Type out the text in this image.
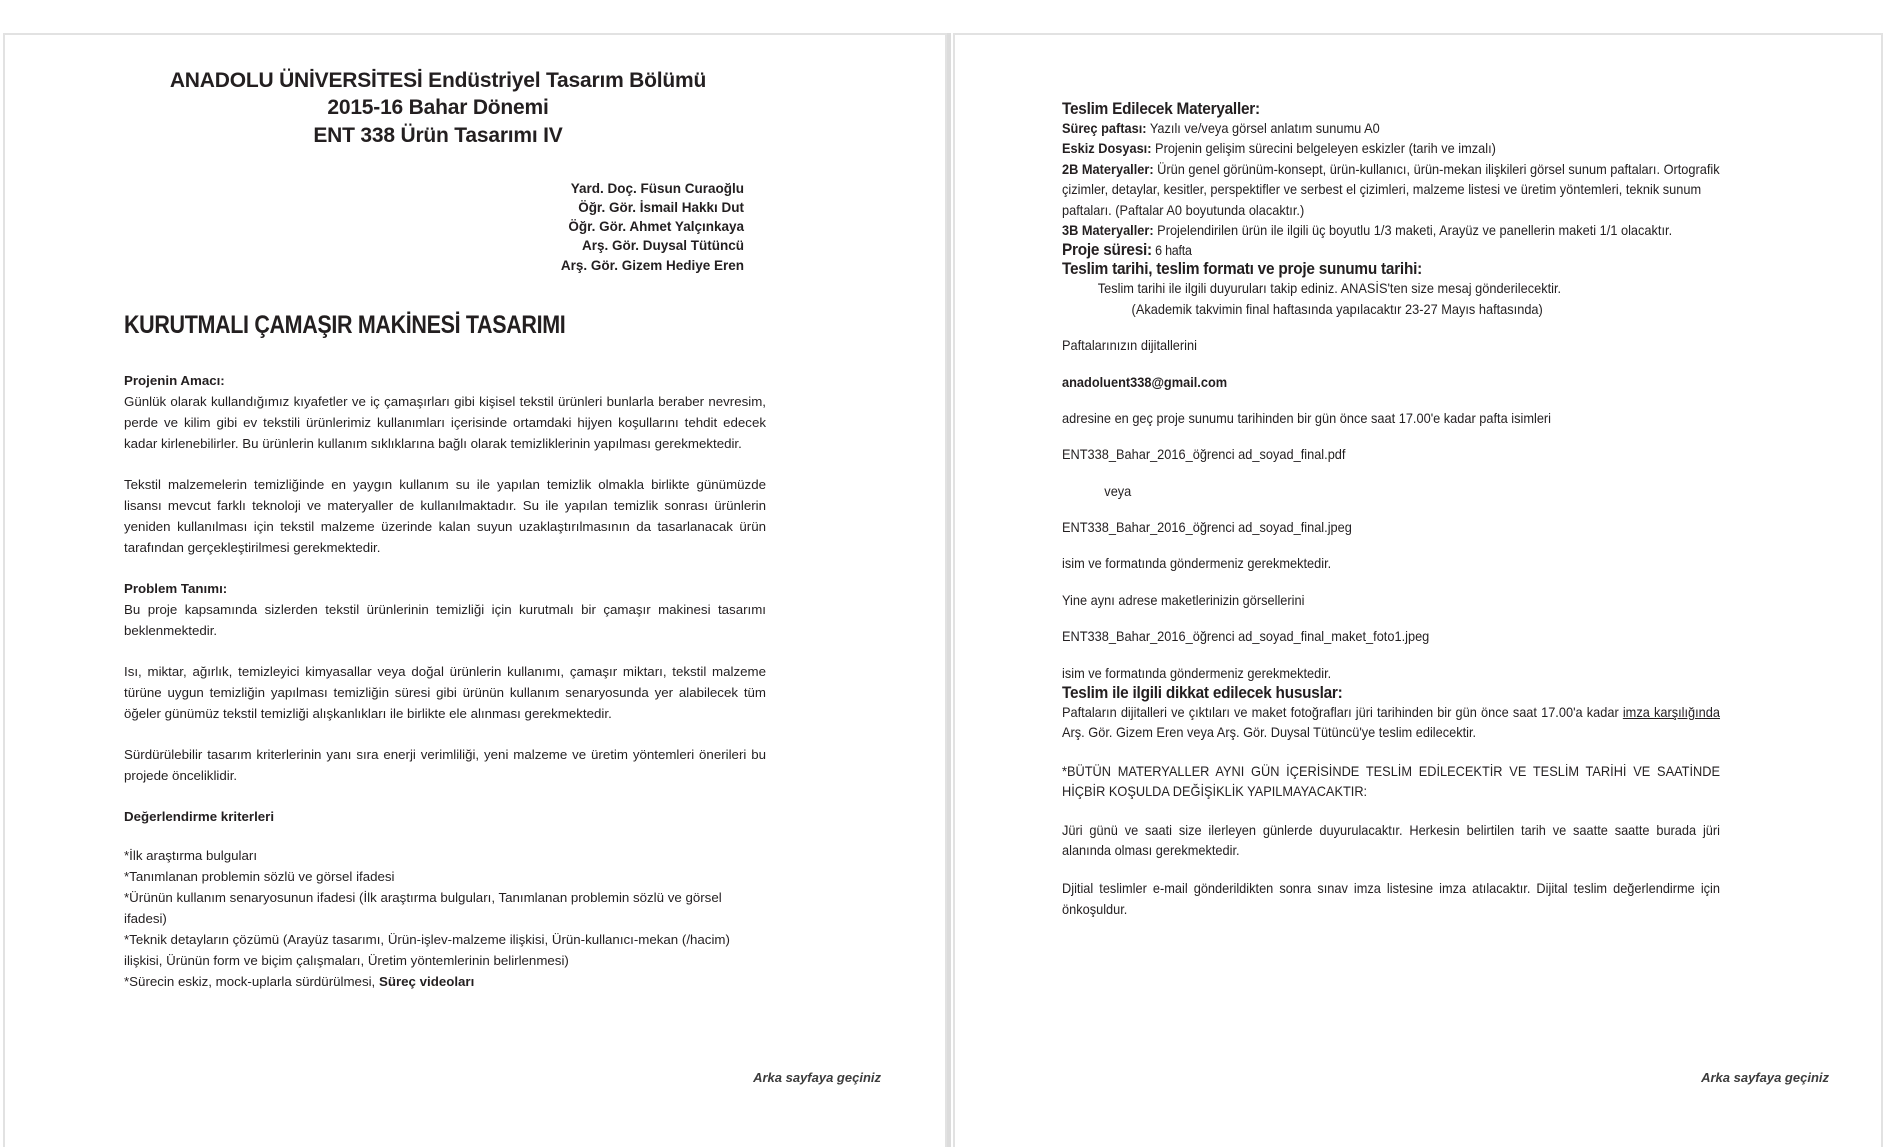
ANADOLU ÜNİVERSİTESİ Endüstriyel Tasarım Bölümü
2015-16 Bahar Dönemi
ENT 338 Ürün Tasarımı IV
Yard. Doç. Füsun Curaoğlu
Öğr. Gör. İsmail Hakkı Dut
Öğr. Gör. Ahmet Yalçınkaya
Arş. Gör. Duysal Tütüncü
Arş. Gör. Gizem Hediye Eren
KURUTMALI ÇAMAŞIR MAKİNESİ TASARIMI

Projenin Amacı:

Günlük olarak kullandığımız kıyafetler ve iç çamaşırları gibi kişisel tekstil ürünleri bunlarla beraber nevresim, perde ve kilim gibi ev tekstili ürünlerimiz kullanımları içerisinde ortamdaki hijyen koşullarını tehdit edecek kadar kirlenebilirler. Bu ürünlerin kullanım sıklıklarına bağlı olarak temizliklerinin yapılması gerekmektedir.

Tekstil malzemelerin temizliğinde en yaygın kullanım su ile yapılan temizlik olmakla birlikte günümüzde lisansı mevcut farklı teknoloji ve materyaller de kullanılmaktadır. Su ile yapılan temizlik sonrası ürünlerin yeniden kullanılması için tekstil malzeme üzerinde kalan suyun uzaklaştırılmasının da tasarlanacak ürün tarafından gerçekleştirilmesi gerekmektedir.

Problem Tanımı:

Bu proje kapsamında sizlerden tekstil ürünlerinin temizliği için kurutmalı bir çamaşır makinesi tasarımı beklenmektedir.

Isı, miktar, ağırlık, temizleyici kimyasallar veya doğal ürünlerin kullanımı, çamaşır miktarı, tekstil malzeme türüne uygun temizliğin yapılması temizliğin süresi gibi ürünün kullanım senaryosunda yer alabilecek tüm öğeler günümüz tekstil temizliği alışkanlıkları ile birlikte ele alınması gerekmektedir.

Sürdürülebilir tasarım kriterlerinin yanı sıra enerji verimliliği, yeni malzeme ve üretim yöntemleri önerileri bu projede önceliklidir.

Değerlendirme kriterleri

*İlk araştırma bulguları

*Tanımlanan problemin sözlü ve görsel ifadesi

*Ürünün kullanım senaryosunun ifadesi (İlk araştırma bulguları, Tanımlanan problemin sözlü ve görsel ifadesi)

*Teknik detayların çözümü (Arayüz tasarımı, Ürün-işlev-malzeme ilişkisi, Ürün-kullanıcı-mekan (/hacim) ilişkisi, Ürünün form ve biçim çalışmaları, Üretim yöntemlerinin belirlenmesi)

*Sürecin eskiz, mock-uplarla sürdürülmesi, Süreç videoları

Arka sayfaya geçiniz

Teslim Edilecek Materyaller:

Süreç paftası: Yazılı ve/veya görsel anlatım sunumu A0

Eskiz Dosyası: Projenin gelişim sürecini belgeleyen eskizler (tarih ve imzalı)

2B Materyaller: Ürün genel görünüm-konsept, ürün-kullanıcı, ürün-mekan ilişkileri görsel sunum paftaları. Ortografik çizimler, detaylar, kesitler, perspektifler ve serbest el çizimleri, malzeme listesi ve üretim yöntemleri, teknik sunum paftaları. (Paftalar A0 boyutunda olacaktır.)

3B Materyaller: Projelendirilen ürün ile ilgili üç boyutlu 1/3 maketi, Arayüz ve panellerin maketi 1/1 olacaktır.

Proje süresi: 6 hafta

Teslim tarihi, teslim formatı ve proje sunumu tarihi:

Teslim tarihi ile ilgili duyuruları takip ediniz. ANASİS'ten size mesaj gönderilecektir.

(Akademik takvimin final haftasında yapılacaktır 23-27 Mayıs haftasında)

Paftalarınızın dijitallerini

anadoluent338@gmail.com

adresine en geç proje sunumu tarihinden bir gün önce saat 17.00'e kadar pafta isimleri

ENT338_Bahar_2016_öğrenci ad_soyad_final.pdf

veya

ENT338_Bahar_2016_öğrenci ad_soyad_final.jpeg

isim ve formatında göndermeniz gerekmektedir.

Yine aynı adrese maketlerinizin görsellerini

ENT338_Bahar_2016_öğrenci ad_soyad_final_maket_foto1.jpeg

isim ve formatında göndermeniz gerekmektedir.

Teslim ile ilgili dikkat edilecek hususlar:

Paftaların dijitalleri ve çıktıları ve maket fotoğrafları jüri tarihinden bir gün önce saat 17.00'a kadar imza karşılığında Arş. Gör. Gizem Eren veya Arş. Gör. Duysal Tütüncü'ye teslim edilecektir.

*BÜTÜN MATERYALLER AYNI GÜN İÇERİSİNDE TESLİM EDİLECEKTİR VE TESLİM TARİHİ VE SAATİNDE HİÇBİR KOŞULDA DEĞİŞİKLİK YAPILMAYACAKTIR:

Jüri günü ve saati size ilerleyen günlerde duyurulacaktır. Herkesin belirtilen tarih ve saatte saatte burada jüri alanında olması gerekmektedir.

Djitial teslimler e-mail gönderildikten sonra sınav imza listesine imza atılacaktır. Dijital teslim değerlendirme için önkoşuldur.

Arka sayfaya geçiniz
